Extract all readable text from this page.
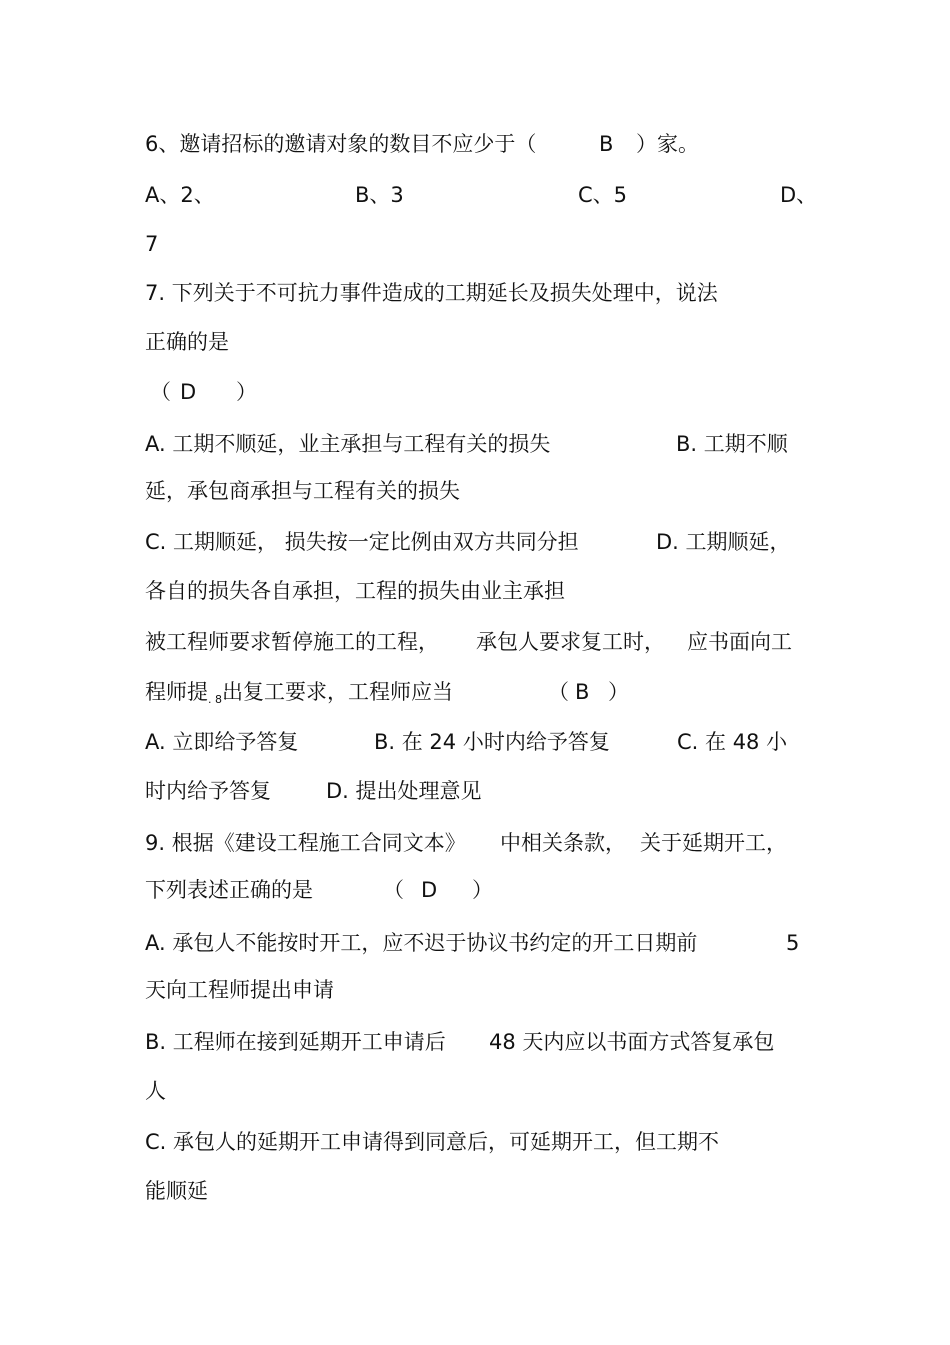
6、邀请招标的邀请对象的数目不应少于（	B ）家。
A、2、	B、3	C、5	D、
7
7. 下列关于不可抗力事件造成的工期延长及损失处理中，说法
正确的是
（ D ）
A. 工期不顺延，业主承担与工程有关的损失	B. 工期不顺
延，承包商承担与工程有关的损失
C. 工期顺延， 损失按一定比例由双方共同分担	D. 工期顺延，
各自的损失各自承担，工程的损失由业主承担
被工程师要求暂停施工的工程， 承包人要求复工时， 应书面向工
程师提. 8出复工要求，工程师应当	（ B ）
A. 立即给予答复	B. 在 24 小时内给予答复	C. 在 48 小
时内给予答复	D. 提出处理意见
9. 根据《建设工程施工合同文本》 中相关条款， 关于延期开工，
下列表述正确的是	（ D ）
A. 承包人不能按时开工，应不迟于协议书约定的开工日期前	5
天向工程师提出申请
B. 工程师在接到延期开工申请后 48 天内应以书面方式答复承包
人
C. 承包人的延期开工申请得到同意后，可延期开工，但工期不
能顺延
